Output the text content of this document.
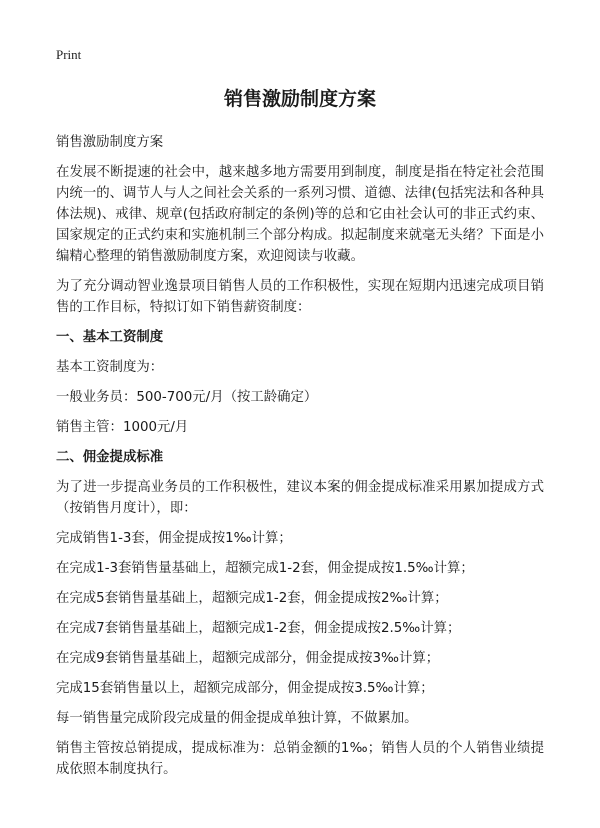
Print
销售激励制度方案
销售激励制度方案
在发展不断提速的社会中，越来越多地方需要用到制度，制度是指在特定社会范围内统一的、调节人与人之间社会关系的一系列习惯、道德、法律(包括宪法和各种具体法规)、戒律、规章(包括政府制定的条例)等的总和它由社会认可的非正式约束、国家规定的正式约束和实施机制三个部分构成。拟起制度来就毫无头绪？下面是小编精心整理的销售激励制度方案，欢迎阅读与收藏。
为了充分调动智业逸景项目销售人员的工作积极性，实现在短期内迅速完成项目销售的工作目标，特拟订如下销售薪资制度：
一、基本工资制度
基本工资制度为：
一般业务员：500-700元/月（按工龄确定）
销售主管：1000元/月
二、佣金提成标准
为了进一步提高业务员的工作积极性，建议本案的佣金提成标准采用累加提成方式（按销售月度计），即：
完成销售1-3套，佣金提成按1‰计算；
在完成1-3套销售量基础上，超额完成1-2套，佣金提成按1.5‰计算；
在完成5套销售量基础上，超额完成1-2套，佣金提成按2‰计算；
在完成7套销售量基础上，超额完成1-2套，佣金提成按2.5‰计算；
在完成9套销售量基础上，超额完成部分，佣金提成按3‰计算；
完成15套销售量以上，超额完成部分，佣金提成按3.5‰计算；
每一销售量完成阶段完成量的佣金提成单独计算，不做累加。
销售主管按总销提成，提成标准为：总销金额的1‰；销售人员的个人销售业绩提成依照本制度执行。
